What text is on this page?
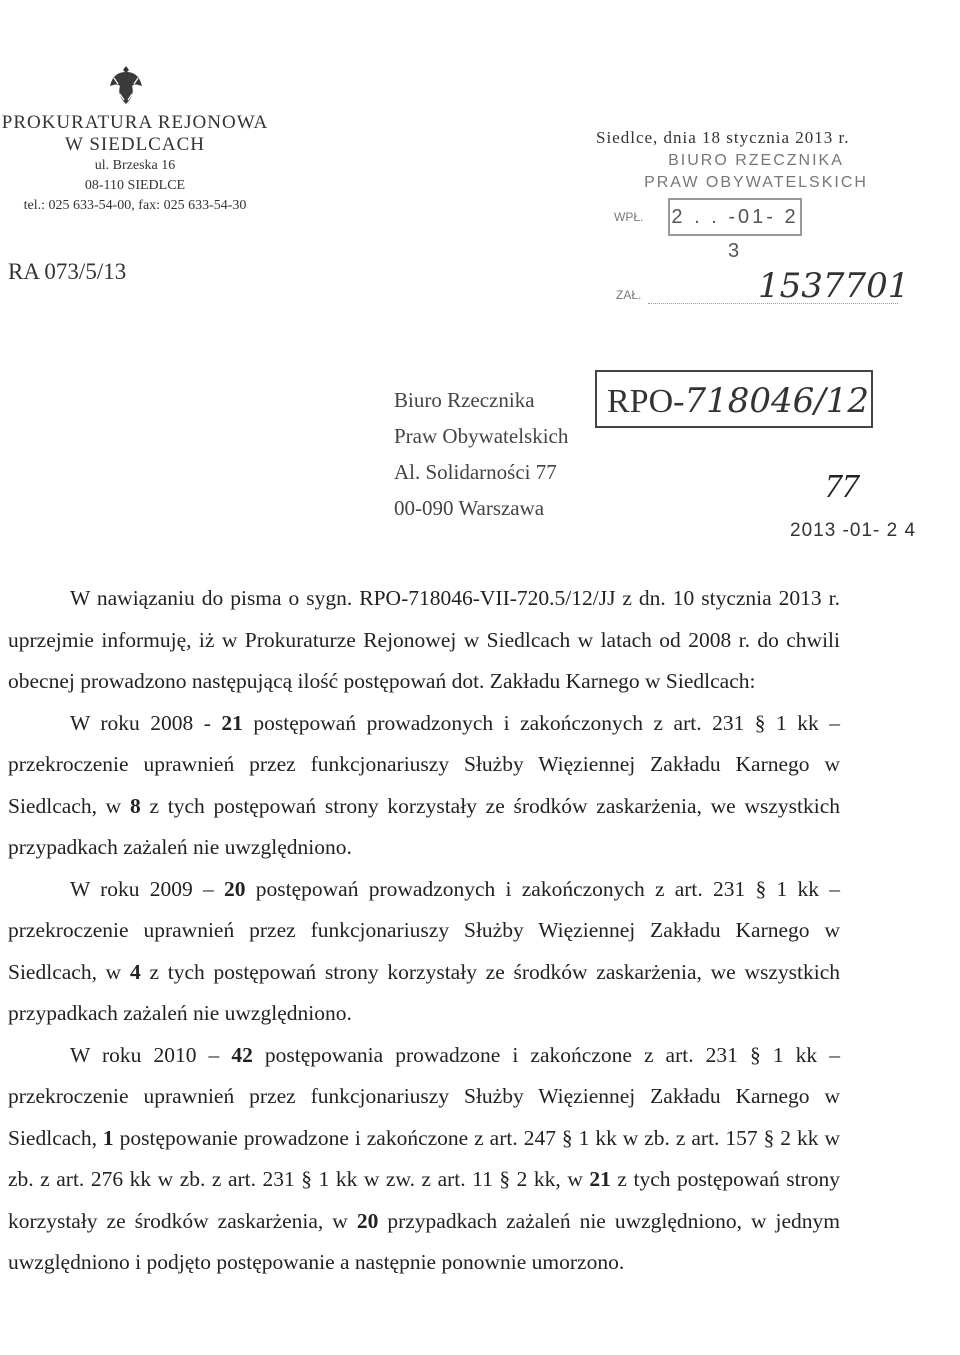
PROKURATURA REJONOWA
W SIEDLCACH
ul. Brzeska 16
08-110 SIEDLCE
tel.: 025 633-54-00, fax: 025 633-54-30
RA 073/5/13
Siedlce, dnia 18 stycznia 2013 r.
BIURO RZECZNIKA
PRAW OBYWATELSKICH
WPŁ. 2 . . -01- 2 3
ZAŁ.	1537701
Biuro Rzecznika
Praw Obywatelskich
Al. Solidarności 77
00-090 Warszawa
RPO-718046/12
77
2013 -01- 2 4

W nawiązaniu do pisma o sygn. RPO-718046-VII-720.5/12/JJ z dn. 10 stycznia 2013 r. uprzejmie informuję, iż w Prokuraturze Rejonowej w Siedlcach w latach od 2008 r. do chwili obecnej prowadzono następującą ilość postępowań dot. Zakładu Karnego w Siedlcach:

W roku 2008 - 21 postępowań prowadzonych i zakończonych z art. 231 § 1 kk – przekroczenie uprawnień przez funkcjonariuszy Służby Więziennej Zakładu Karnego w Siedlcach, w 8 z tych postępowań strony korzystały ze środków zaskarżenia, we wszystkich przypadkach zażaleń nie uwzględniono.

W roku 2009 – 20 postępowań prowadzonych i zakończonych z art. 231 § 1 kk – przekroczenie uprawnień przez funkcjonariuszy Służby Więziennej Zakładu Karnego w Siedlcach, w 4 z tych postępowań strony korzystały ze środków zaskarżenia, we wszystkich przypadkach zażaleń nie uwzględniono.

W roku 2010 – 42 postępowania prowadzone i zakończone z art. 231 § 1 kk – przekroczenie uprawnień przez funkcjonariuszy Służby Więziennej Zakładu Karnego w Siedlcach, 1 postępowanie prowadzone i zakończone z art. 247 § 1 kk w zb. z art. 157 § 2 kk w zb. z art. 276 kk w zb. z art. 231 § 1 kk w zw. z art. 11 § 2 kk, w 21 z tych postępowań strony korzystały ze środków zaskarżenia, w 20 przypadkach zażaleń nie uwzględniono, w jednym uwzględniono i podjęto postępowanie a następnie ponownie umorzono.
